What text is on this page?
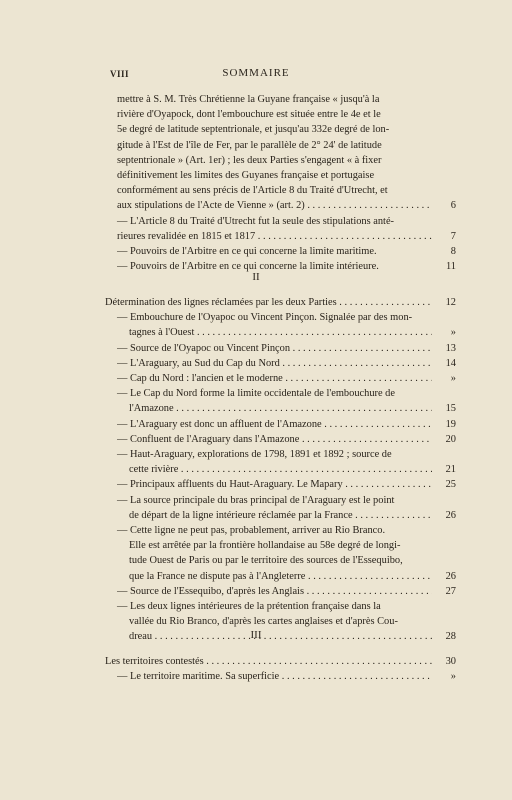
VIII	SOMMAIRE
mettre à S. M. Très Chrétienne la Guyane française « jusqu'à la
rivière d'Oyapock, dont l'embouchure est située entre le 4e et le
5e degré de latitude septentrionale, et jusqu'au 332e degré de lon-
gitude à l'Est de l'île de Fer, par le parallèle de 2° 24' de latitude
septentrionale » (Art. 1er) ; les deux Parties s'engagent « à fixer
définitivement les limites des Guyanes française et portugaise
conformément au sens précis de l'Article 8 du Traité d'Utrecht, et
aux stipulations de l'Acte de Vienne » (art. 2) . . .	6
— L'Article 8 du Traité d'Utrecht fut la seule des stipulations anté-
rieures revalidée en 1815 et 1817 . . .	7
— Pouvoirs de l'Arbitre en ce qui concerne la limite maritime.	8
— Pouvoirs de l'Arbitre en ce qui concerne la limite intérieure.	11
II
Détermination des lignes réclamées par les deux Parties . . .	12
— Embouchure de l'Oyapoc ou Vincent Pinçon. Signalée par des mon-
tagnes à l'Ouest . . .	»
— Source de l'Oyapoc ou Vincent Pinçon . . .	13
— L'Araguary, au Sud du Cap du Nord . . .	14
— Cap du Nord : l'ancien et le moderne . . .	»
— Le Cap du Nord forme la limite occidentale de l'embouchure de
l'Amazone . . .	15
— L'Araguary est donc un affluent de l'Amazone . . .	19
— Confluent de l'Araguary dans l'Amazone . . .	20
— Haut-Araguary, explorations de 1798, 1891 et 1892 ; source de
cette rivière . . .	21
— Principaux affluents du Haut-Araguary. Le Mapary . . .	25
— La source principale du bras principal de l'Araguary est le point
de départ de la ligne intérieure réclamée par la France . . .	26
— Cette ligne ne peut pas, probablement, arriver au Rio Branco.
Elle est arrêtée par la frontière hollandaise au 58e degré de longi-
tude Ouest de Paris ou par le territoire des sources de l'Essequibo,
que la France ne dispute pas à l'Angleterre . . .	26
— Source de l'Essequibo, d'après les Anglais . . .	27
— Les deux lignes intérieures de la prétention française dans la
vallée du Rio Branco, d'après les cartes anglaises et d'après Cou-
dreau . . .	28
III
Les territoires contestés . . .	30
— Le territoire maritime. Sa superficie . . .	»
